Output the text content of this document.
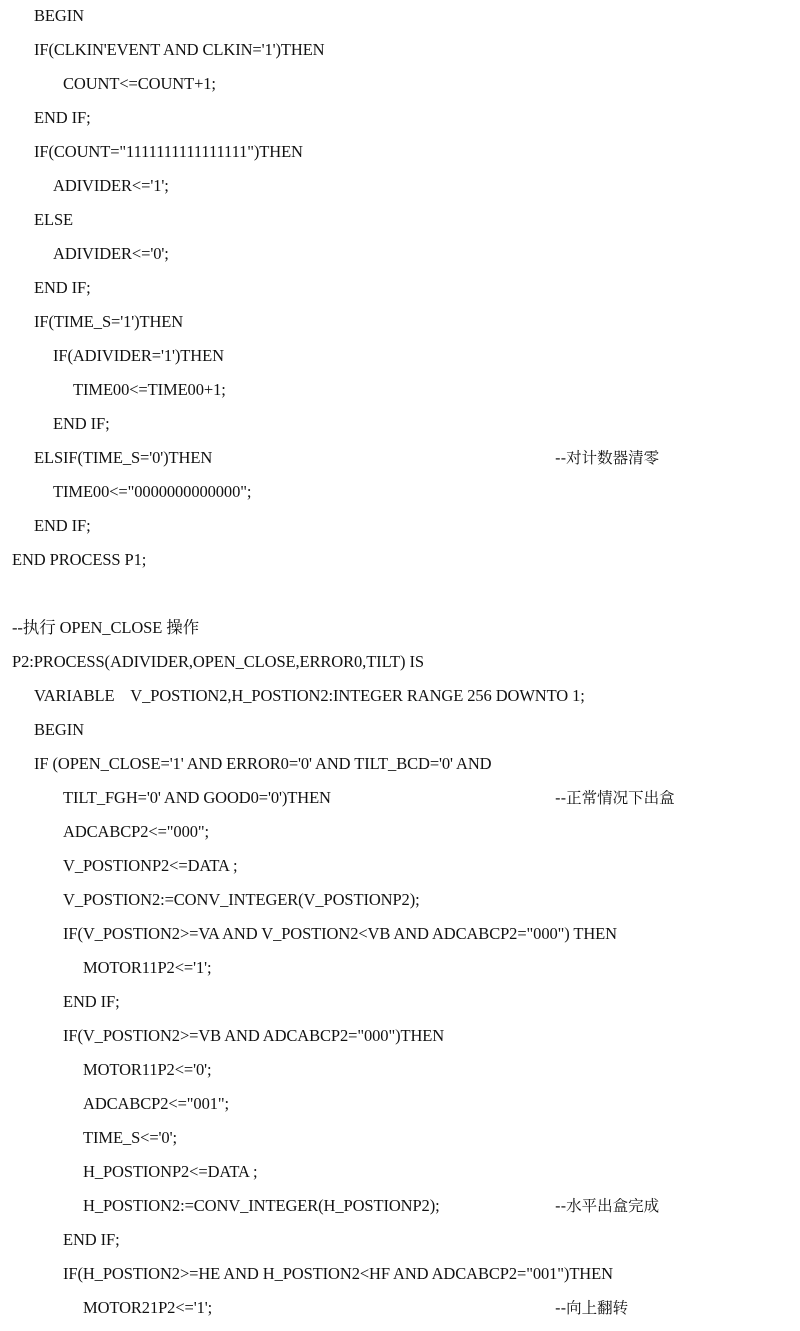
BEGIN
IF(CLKIN'EVENT AND CLKIN='1')THEN
COUNT<=COUNT+1;
END IF;
IF(COUNT="1111111111111111")THEN
ADIVIDER<='1';
ELSE
ADIVIDER<='0';
END IF;
IF(TIME_S='1')THEN
IF(ADIVIDER='1')THEN
TIME00<=TIME00+1;
END IF;
ELSIF(TIME_S='0')THEN	--对计数器清零
TIME00<="0000000000000";
END IF;
END PROCESS P1;
--执行 OPEN_CLOSE 操作
P2:PROCESS(ADIVIDER,OPEN_CLOSE,ERROR0,TILT) IS
VARIABLE    V_POSTION2,H_POSTION2:INTEGER RANGE 256 DOWNTO 1;
BEGIN
IF (OPEN_CLOSE='1' AND ERROR0='0' AND TILT_BCD='0' AND
TILT_FGH='0' AND GOOD0='0')THEN	--正常情况下出盒
ADCABCP2<="000";
V_POSTIONP2<=DATA ;
V_POSTION2:=CONV_INTEGER(V_POSTIONP2);
IF(V_POSTION2>=VA AND V_POSTION2<VB AND ADCABCP2="000") THEN
MOTOR11P2<='1';
END IF;
IF(V_POSTION2>=VB AND ADCABCP2="000")THEN
MOTOR11P2<='0';
ADCABCP2<="001";
TIME_S<='0';
H_POSTIONP2<=DATA ;
H_POSTION2:=CONV_INTEGER(H_POSTIONP2);	--水平出盒完成
END IF;
IF(H_POSTION2>=HE AND H_POSTION2<HF AND ADCABCP2="001")THEN
MOTOR21P2<='1';	--向上翻转
